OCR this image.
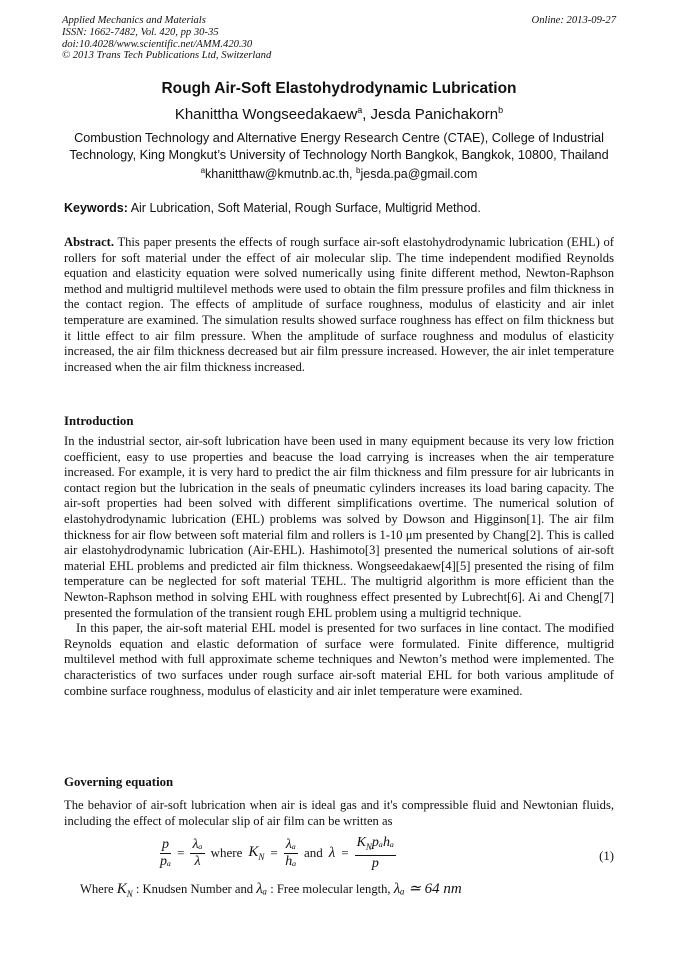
Applied Mechanics and Materials
ISSN: 1662-7482, Vol. 420, pp 30-35
doi:10.4028/www.scientific.net/AMM.420.30
© 2013 Trans Tech Publications Ltd, Switzerland
Online: 2013-09-27
Rough Air-Soft Elastohydrodynamic Lubrication
Khanittha Wongseedakaew$^a$, Jesda Panichakorn$^b$
Combustion Technology and Alternative Energy Research Centre (CTAE), College of Industrial Technology, King Mongkut’s University of Technology North Bangkok, Bangkok, 10800, Thailand
$^a$khanitthaw@kmutnb.ac.th, $^b$jesda.pa@gmail.com
Keywords: Air Lubrication, Soft Material, Rough Surface, Multigrid Method.
Abstract. This paper presents the effects of rough surface air-soft elastohydrodynamic lubrication (EHL) of rollers for soft material under the effect of air molecular slip. The time independent modified Reynolds equation and elasticity equation were solved numerically using finite different method, Newton-Raphson method and multigrid multilevel methods were used to obtain the film pressure profiles and film thickness in the contact region. The effects of amplitude of surface roughness, modulus of elasticity and air inlet temperature are examined. The simulation results showed surface roughness has effect on film thickness but it little effect to air film pressure. When the amplitude of surface roughness and modulus of elasticity increased, the air film thickness decreased but air film pressure increased. However, the air inlet temperature increased when the air film thickness increased.
Introduction

In the industrial sector, air-soft lubrication have been used in many equipment because its very low friction coefficient, easy to use properties and beacuse the load carrying is increases when the air temperature increased. For example, it is very hard to predict the air film thickness and film pressure for air lubricants in contact region but the lubrication in the seals of pneumatic cylinders increases its load baring capacity. The air-soft properties had been solved with different simplifications overtime. The numerical solution of elastohydrodynamic lubrication (EHL) problems was solved by Dowson and Higginson[1]. The air film thickness for air flow between soft material film and rollers is 1-10 μm presented by Chang[2]. This is called air elastohydrodynamic lubrication (Air-EHL). Hashimoto[3] presented the numerical solutions of air-soft material EHL problems and predicted air film thickness. Wongseedakaew[4][5] presented the rising of film temperature can be neglected for soft material TEHL. The multigrid algorithm is more efficient than the Newton-Raphson method in solving EHL with roughness effect presented by Lubrecht[6]. Ai and Cheng[7] presented the formulation of the transient rough EHL problem using a multigrid technique.

In this paper, the air-soft material EHL model is presented for two surfaces in line contact. The modified Reynolds equation and elastic deformation of surface were formulated. Finite difference, multigrid multilevel method with full approximate scheme techniques and Newton’s method were implemented. The characteristics of two surfaces under rough surface air-soft material EHL for both various amplitude of combine surface roughness, modulus of elasticity and air inlet temperature were examined.

Governing equation
The behavior of air-soft lubrication when air is ideal gas and it's compressible fluid and Newtonian fluids, including the effect of molecular slip of air film can be written as
$\frac{p}{\text{pₐ}} = \frac{\text{λₐ}}{\lambda}$ where $K_N = \frac{\text{λₐ}}{\text{hₐ}}$ and $\lambda = \frac{K_Np_ah_a}{p}$	(1)
Where $K_N$ : Knudsen Number and λₐ : Free molecular length, λₐ ≃ 64 nm
